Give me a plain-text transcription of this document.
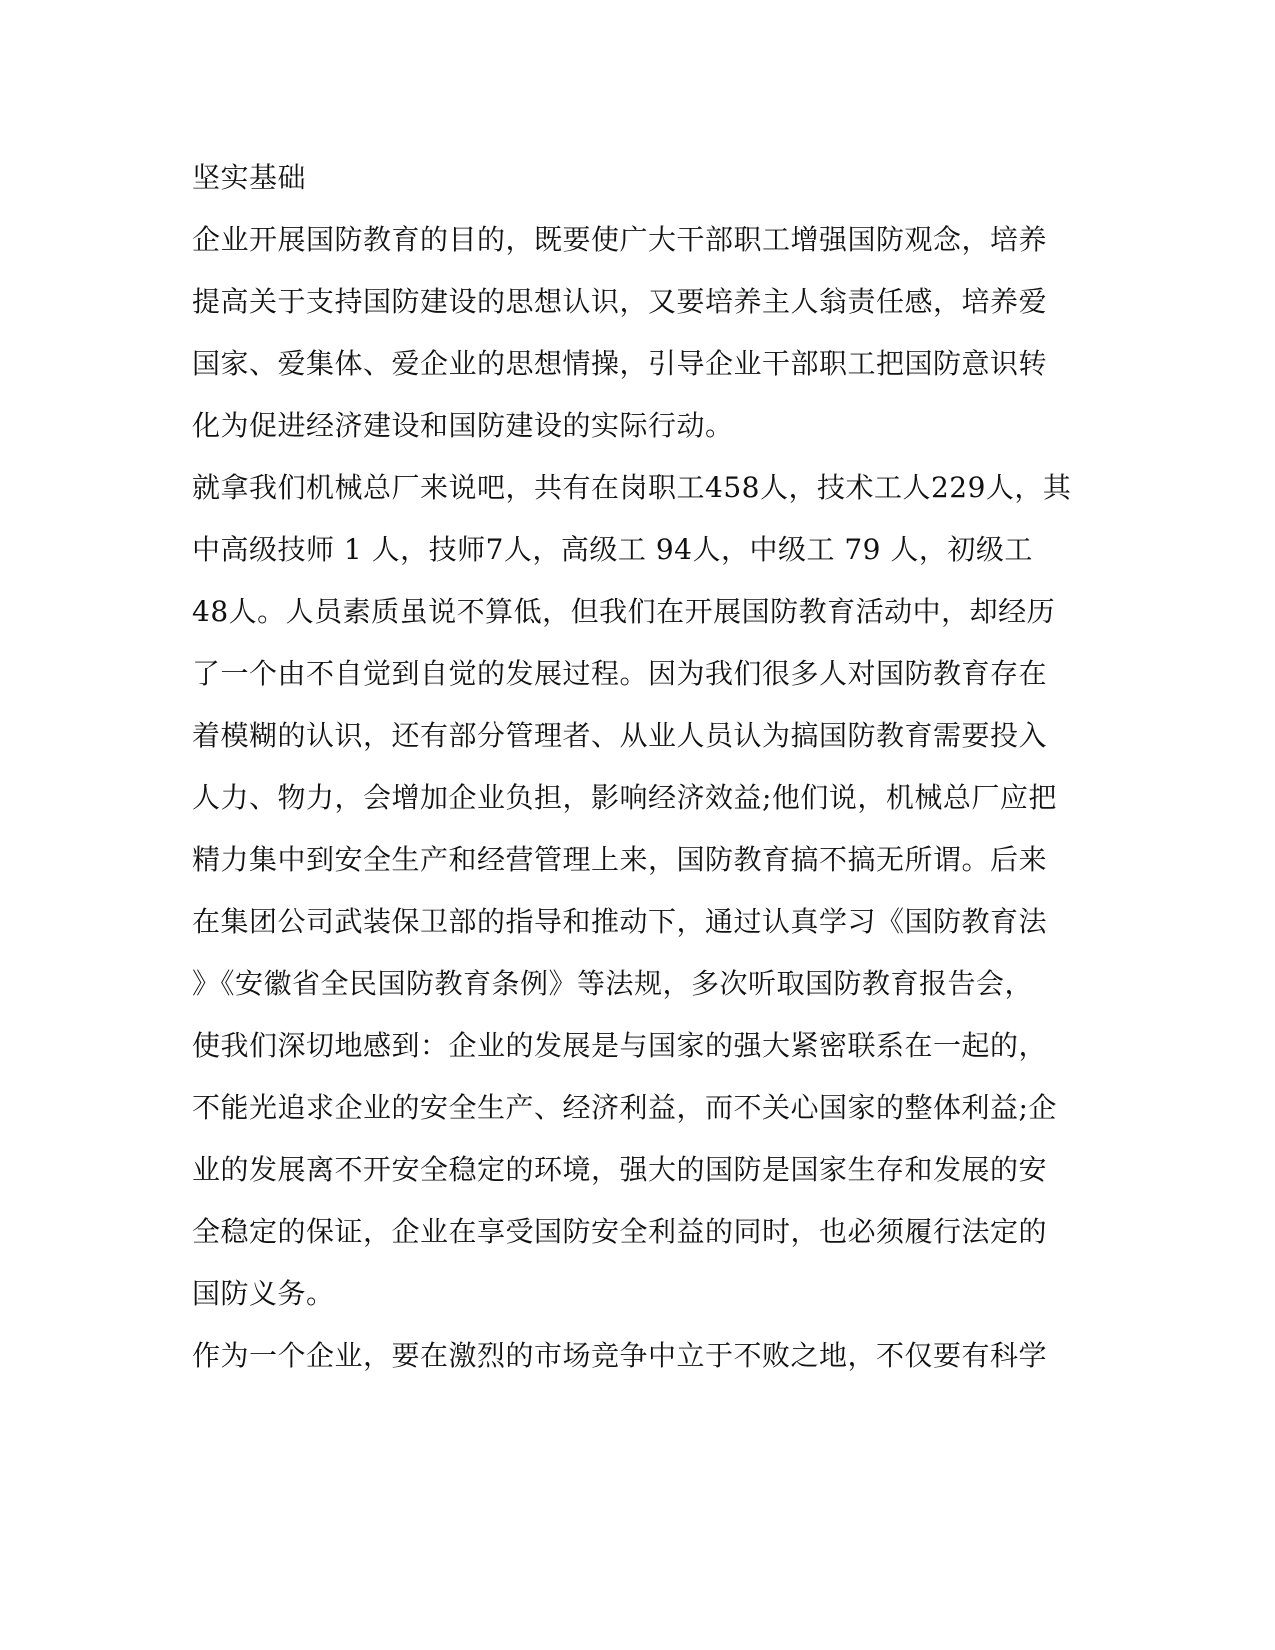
坚实基础
企业开展国防教育的目的，既要使广大干部职工增强国防观念，培养
提高关于支持国防建设的思想认识，又要培养主人翁责任感，培养爱
国家、爱集体、爱企业的思想情操，引导企业干部职工把国防意识转
化为促进经济建设和国防建设的实际行动。
就拿我们机械总厂来说吧，共有在岗职工458人，技术工人229人，其
中高级技师 1 人，技师7人，高级工 94人，中级工 79 人，初级工
48人。人员素质虽说不算低，但我们在开展国防教育活动中，却经历
了一个由不自觉到自觉的发展过程。因为我们很多人对国防教育存在
着模糊的认识，还有部分管理者、从业人员认为搞国防教育需要投入
人力、物力，会增加企业负担，影响经济效益;他们说，机械总厂应把
精力集中到安全生产和经营管理上来，国防教育搞不搞无所谓。后来
在集团公司武装保卫部的指导和推动下，通过认真学习《国防教育法
》《安徽省全民国防教育条例》等法规，多次听取国防教育报告会，
使我们深切地感到：企业的发展是与国家的强大紧密联系在一起的，
不能光追求企业的安全生产、经济利益，而不关心国家的整体利益;企
业的发展离不开安全稳定的环境，强大的国防是国家生存和发展的安
全稳定的保证，企业在享受国防安全利益的同时，也必须履行法定的
国防义务。
作为一个企业，要在激烈的市场竞争中立于不败之地，不仅要有科学
